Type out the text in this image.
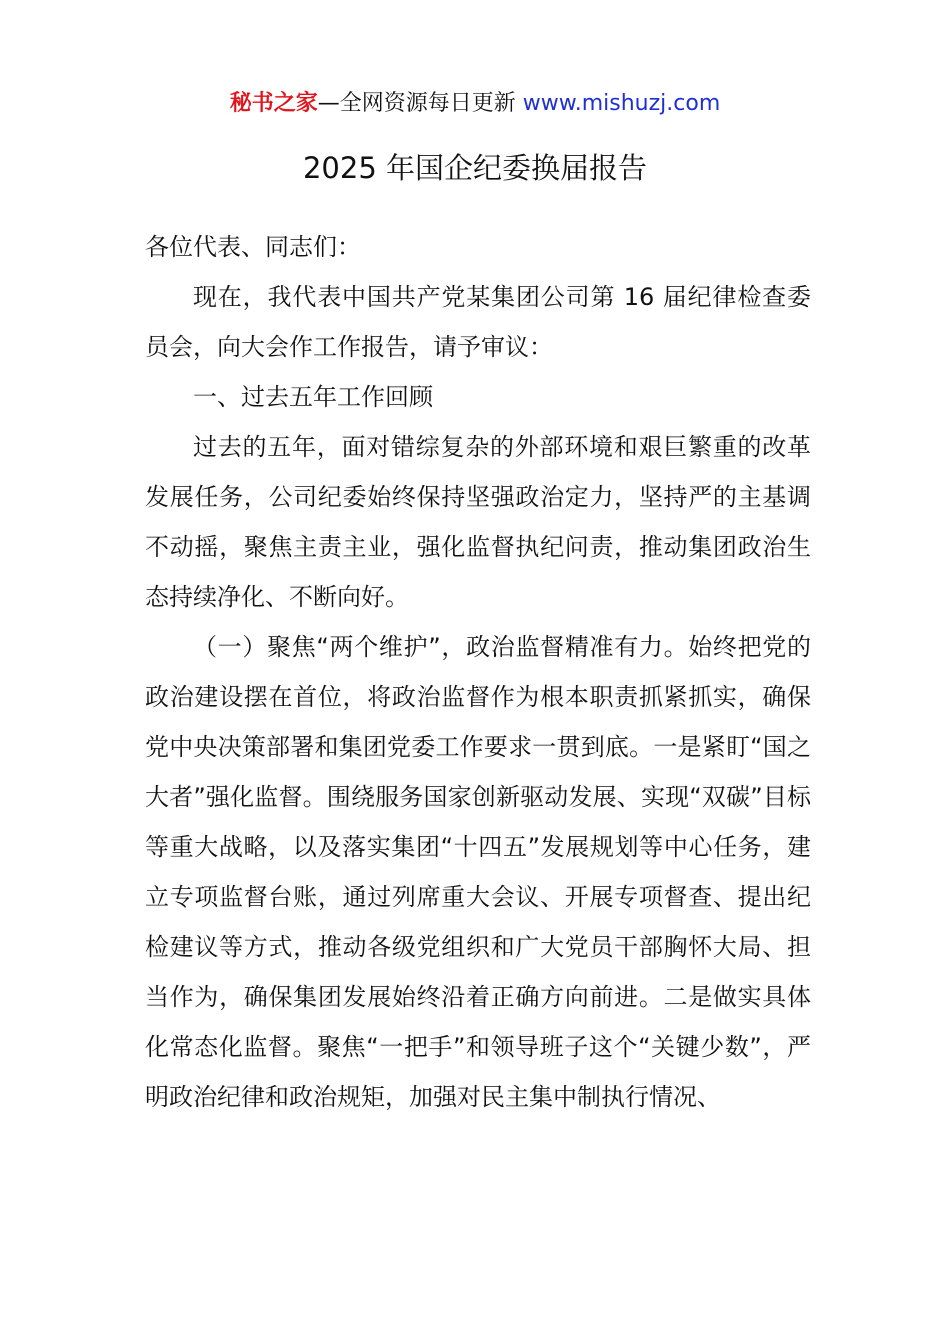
秘书之家—全网资源每日更新 www.mishuzj.com
2025 年国企纪委换届报告

各位代表、同志们：

现在，我代表中国共产党某集团公司第 16 届纪律检查委员会，向大会作工作报告，请予审议：

一、过去五年工作回顾

过去的五年，面对错综复杂的外部环境和艰巨繁重的改革发展任务，公司纪委始终保持坚强政治定力，坚持严的主基调不动摇，聚焦主责主业，强化监督执纪问责，推动集团政治生态持续净化、不断向好。

（一）聚焦“两个维护”，政治监督精准有力。始终把党的政治建设摆在首位，将政治监督作为根本职责抓紧抓实，确保党中央决策部署和集团党委工作要求一贯到底。一是紧盯“国之大者”强化监督。围绕服务国家创新驱动发展、实现“双碳”目标等重大战略，以及落实集团“十四五”发展规划等中心任务，建立专项监督台账，通过列席重大会议、开展专项督查、提出纪检建议等方式，推动各级党组织和广大党员干部胸怀大局、担当作为，确保集团发展始终沿着正确方向前进。二是做实具体化常态化监督。聚焦“一把手”和领导班子这个“关键少数”，严明政治纪律和政治规矩，加强对民主集中制执行情况、
